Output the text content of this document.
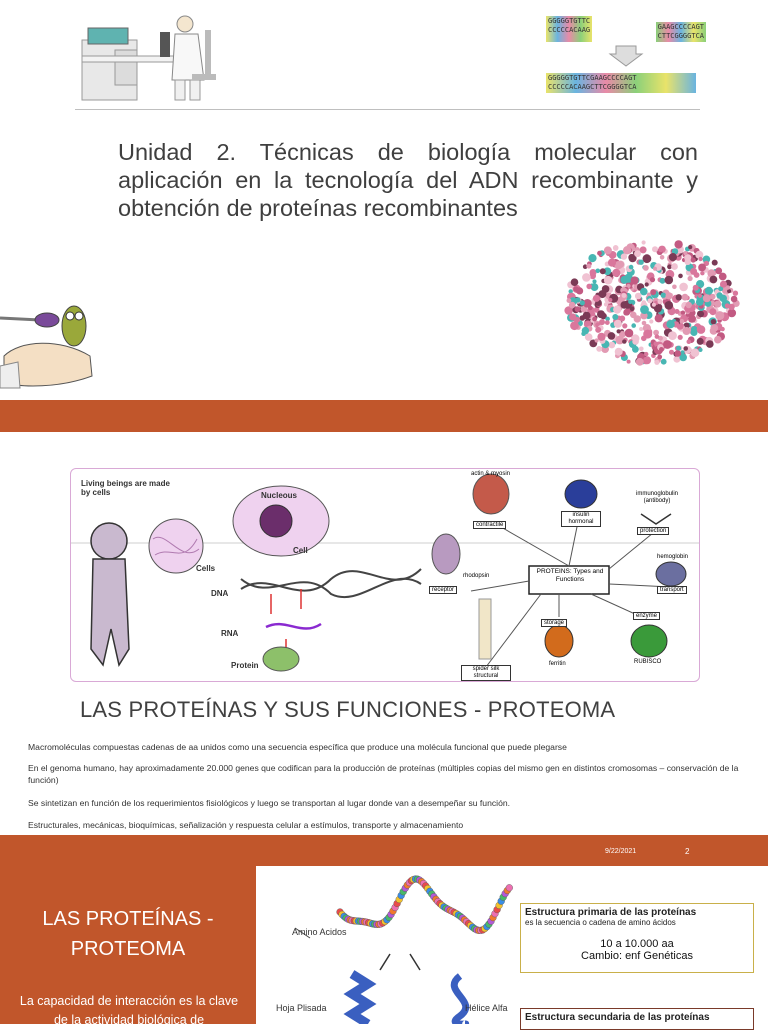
GGGGGTGTTC
CCCCCACAAG	GAAGCCCCAGT
CTTCGGGGTCA
GGGGGTGTTCGAAGCCCCAGT
CCCCCACAAGCTTCGGGGTCA
Unidad 2. Técnicas de biología molecular con aplicación en la tecnología del ADN recombinante y obtención de proteínas recombinantes
Living beings are made by cells	Nucleous
Cell
Cells
DNA
RNA
Protein
PROTEINS: Types and Functions
actin & myosin
contractile
insulin hormonal
immunoglobulin (antibody)
protection
rhodopsin
receptor
hemoglobin
transport
storage
ferritin
enzyme
RUBISCO
spider silk structural
LAS PROTEÍNAS Y SUS FUNCIONES - PROTEOMA
Macromoléculas compuestas cadenas de aa unidos como una secuencia específica que produce una molécula funcional que puede plegarse
En el genoma humano, hay aproximadamente 20.000 genes que codifican para la producción de proteínas (múltiples copias del mismo gen en distintos cromosomas – conservación de la función)
Se sintetizan en función de los requerimientos fisiológicos y luego se transportan al lugar donde van a desempeñar su función.
Estructurales, mecánicas, bioquímicas, señalización y respuesta celular a estímulos, transporte y almacenamiento
9/22/2021	2
LAS PROTEÍNAS - PROTEOMA
La capacidad de interacción es la clave de la actividad biológica de
Amino Acidos
Hoja Plisada	Hélice Alfa
Estructura primaria de las proteínas
es la secuencia o cadena de amino ácidos
10 a 10.000 aa
Cambio: enf Genéticas
Estructura secundaria de las proteínas
